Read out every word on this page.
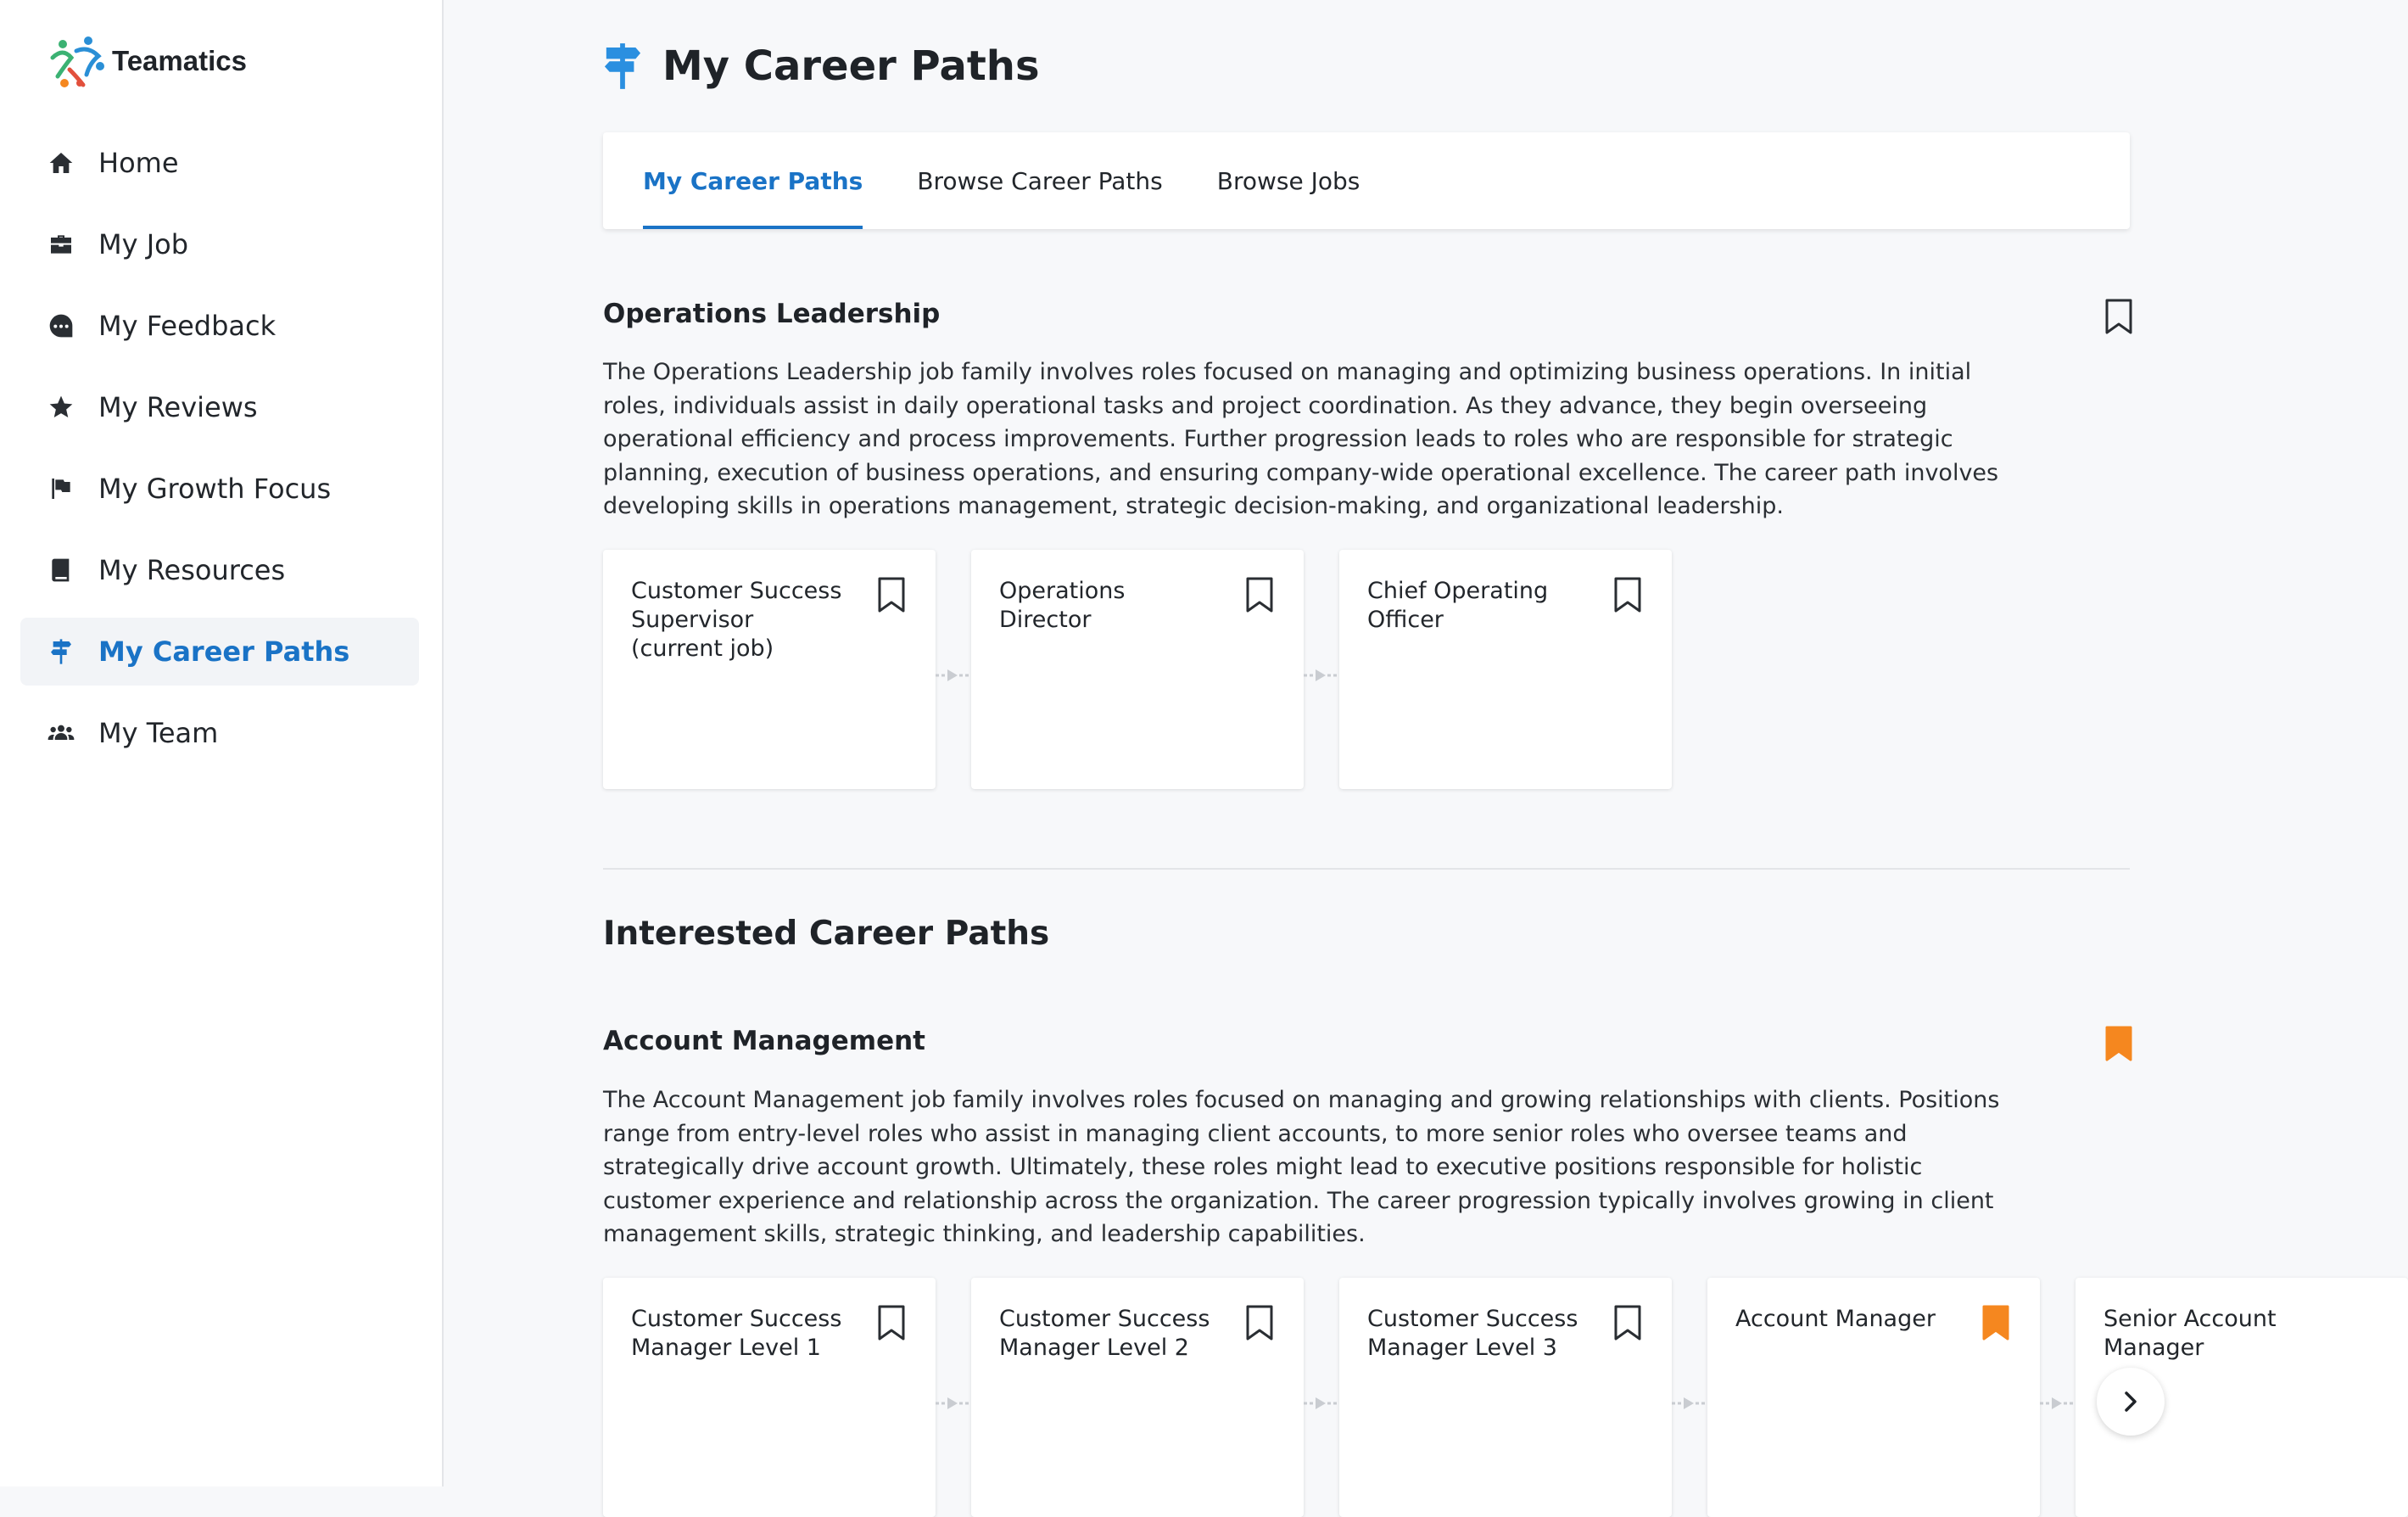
Teamatics
Home
My Job
My Feedback
My Reviews
My Growth Focus
My Resources
My Career Paths
My Team
My Career Paths
My Career Paths Browse Career Paths Browse Jobs
Operations Leadership

The Operations Leadership job family involves roles focused on managing and optimizing business operations. In initial roles, individuals assist in daily operational tasks and project coordination. As they advance, they begin overseeing operational efficiency and process improvements. Further progression leads to roles who are responsible for strategic planning, execution of business operations, and ensuring company-wide operational excellence. The career path involves developing skills in operations management, strategic decision-making, and organizational leadership.

Customer Success Supervisor (current job)
Operations Director
Chief Operating Officer
Interested Career Paths
Account Management

The Account Management job family involves roles focused on managing and growing relationships with clients. Positions range from entry-level roles who assist in managing client accounts, to more senior roles who oversee teams and strategically drive account growth. Ultimately, these roles might lead to executive positions responsible for holistic customer experience and relationship across the organization. The career progression typically involves growing in client management skills, strategic thinking, and leadership capabilities.

Customer Success Manager Level 1
Customer Success Manager Level 2
Customer Success Manager Level 3
Account Manager	Senior Account Manager
